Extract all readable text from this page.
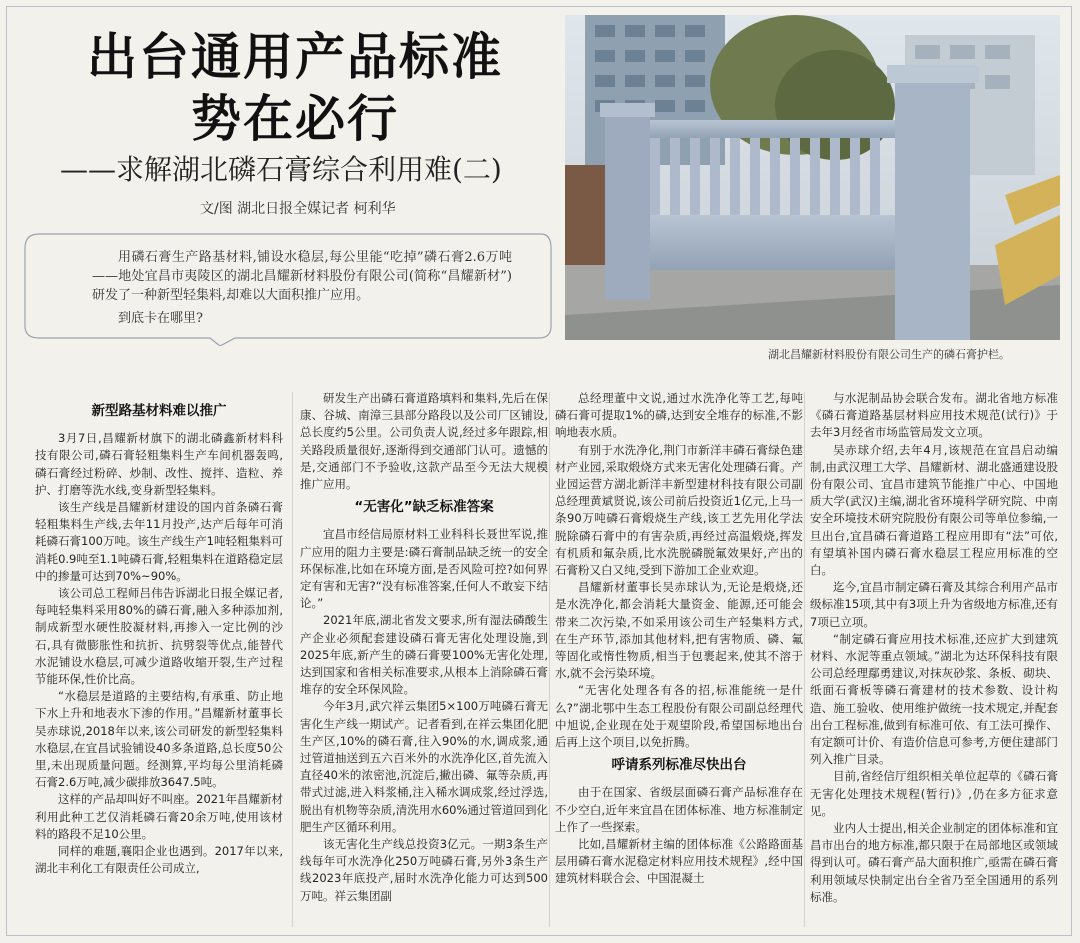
出台通用产品标准
势在必行
——求解湖北磷石膏综合利用难(二)
文/图 湖北日报全媒记者 柯利华
湖北昌耀新材料股份有限公司生产的磷石膏护栏。
用磷石膏生产路基材料,铺设水稳层,每公里能“吃掉”磷石膏2.6万吨——地处宜昌市夷陵区的湖北昌耀新材料股份有限公司(简称“昌耀新材”)研发了一种新型轻集料,却难以大面积推广应用。
到底卡在哪里?
新型路基材料难以推广

3月7日,昌耀新材旗下的湖北磷鑫新材料科技有限公司,磷石膏轻粗集料生产车间机器轰鸣,磷石膏经过粉碎、炒制、改性、搅拌、造粒、养护、打磨等洗水线,变身新型轻集料。

该生产线是昌耀新材建设的国内首条磷石膏轻粗集料生产线,去年11月投产,达产后每年可消耗磷石膏100万吨。该生产线生产1吨轻粗集料可消耗0.9吨至1.1吨磷石膏,轻粗集料在道路稳定层中的掺量可达到70%~90%。

该公司总工程师吕伟告诉湖北日报全媒记者,每吨轻集料采用80%的磷石膏,融入多种添加剂,制成新型水硬性胶凝材料,再掺入一定比例的沙石,具有微膨胀性和抗折、抗劈裂等优点,能替代水泥铺设水稳层,可减少道路收缩开裂,生产过程节能环保,性价比高。

“水稳层是道路的主要结构,有承重、防止地下水上升和地表水下渗的作用。”昌耀新材董事长吴赤球说,2018年以来,该公司研发的新型轻集料水稳层,在宜昌试验铺设40多条道路,总长度50公里,未出现质量问题。经测算,平均每公里消耗磷石膏2.6万吨,减少碳排放3647.5吨。

这样的产品却叫好不叫座。2021年昌耀新材利用此种工艺仅消耗磷石膏20余万吨,使用该材料的路段不足10公里。

同样的难题,襄阳企业也遇到。2017年以来,湖北丰利化工有限责任公司成立,

研发生产出磷石膏道路填料和集料,先后在保康、谷城、南漳三县部分路段以及公司厂区铺设,总长度约5公里。公司负责人说,经过多年跟踪,相关路段质量很好,逐渐得到交通部门认可。遗憾的是,交通部门不予验收,这款产品至今无法大规模推广应用。

“无害化”缺乏标准答案

宜昌市经信局原材料工业科科长聂世军说,推广应用的阻力主要是:磷石膏制品缺乏统一的安全环保标准,比如在环境方面,是否风险可控?如何界定有害和无害?“没有标准答案,任何人不敢妄下结论。”

2021年底,湖北省发文要求,所有湿法磷酸生产企业必须配套建设磷石膏无害化处理设施,到2025年底,新产生的磷石膏要100%无害化处理,达到国家和省相关标准要求,从根本上消除磷石膏堆存的安全环保风险。

今年3月,武穴祥云集团5×100万吨磷石膏无害化生产线一期试产。记者看到,在祥云集团化肥生产区,10%的磷石膏,往入90%的水,调成浆,通过管道抽送到五六百米外的水洗净化区,首先流入直径40米的浓密池,沉淀后,撇出磷、氟等杂质,再带式过滤,进入料浆桶,注入稀水调成浆,经过浮选,脱出有机物等杂质,清洗用水60%通过管道回到化肥生产区循环利用。

该无害化生产线总投资3亿元。一期3条生产线每年可水洗净化250万吨磷石膏,另外3条生产线2023年底投产,届时水洗净化能力可达到500万吨。祥云集团副

总经理董中文说,通过水洗净化等工艺,每吨磷石膏可提取1%的磷,达到安全堆存的标准,不影响地表水质。

有别于水洗净化,荆门市新洋丰磷石膏绿色建材产业园,采取煅烧方式来无害化处理磷石膏。产业园运营方湖北新洋丰新型建材科技有限公司副总经理黄斌贤说,该公司前后投资近1亿元,上马一条90万吨磷石膏煅烧生产线,该工艺先用化学法脱除磷石膏中的有害杂质,再经过高温煅烧,挥发有机质和氟杂质,比水洗脱磷脱氟效果好,产出的石膏粉又白又纯,受到下游加工企业欢迎。

昌耀新材董事长吴赤球认为,无论是煅烧,还是水洗净化,都会消耗大量资金、能源,还可能会带来二次污染,不如采用该公司生产轻集料方式,在生产环节,添加其他材料,把有害物质、磷、氟等固化或惰性物质,相当于包裹起来,使其不溶于水,就不会污染环境。

“无害化处理各有各的招,标准能统一是什么?”湖北鄂中生态工程股份有限公司副总经理代中旭说,企业现在处于观望阶段,希望国标地出台后再上这个项目,以免折腾。

呼请系列标准尽快出台

由于在国家、省级层面磷石膏产品标准存在不少空白,近年来宜昌在团体标准、地方标准制定上作了一些探索。

比如,昌耀新材主编的团体标准《公路路面基层用磷石膏水泥稳定材料应用技术规程》,经中国建筑材料联合会、中国混凝土

与水泥制品协会联合发布。湖北省地方标准《磷石膏道路基层材料应用技术规范(试行)》于去年3月经省市场监管局发文立项。

吴赤球介绍,去年4月,该规范在宜昌启动编制,由武汉理工大学、昌耀新材、湖北盛通建设股份有限公司、宜昌市建筑节能推广中心、中国地质大学(武汉)主编,湖北省环境科学研究院、中南安全环境技术研究院股份有限公司等单位参编,一旦出台,宜昌磷石膏道路工程应用即有“法”可依,有望填补国内磷石膏水稳层工程应用标准的空白。

迄今,宜昌市制定磷石膏及其综合利用产品市级标准15项,其中有3项上升为省级地方标准,还有7项已立项。

“制定磷石膏应用技术标准,还应扩大到建筑材料、水泥等重点领域。”湖北为达环保科技有限公司总经理鄢勇建议,对抹灰砂浆、条板、砌块、纸面石膏板等磷石膏建材的技术参数、设计构造、施工验收、使用维护做统一技术规定,并配套出台工程标准,做到有标准可依、有工法可操作、有定额可计价、有造价信息可参考,方便住建部门列入推广目录。

目前,省经信厅组织相关单位起草的《磷石膏无害化处理技术规程(暂行)》,仍在多方征求意见。

业内人士提出,相关企业制定的团体标准和宜昌市出台的地方标准,都只限于在局部地区或领域得到认可。磷石膏产品大面积推广,亟需在磷石膏利用领域尽快制定出台全省乃至全国通用的系列标准。
